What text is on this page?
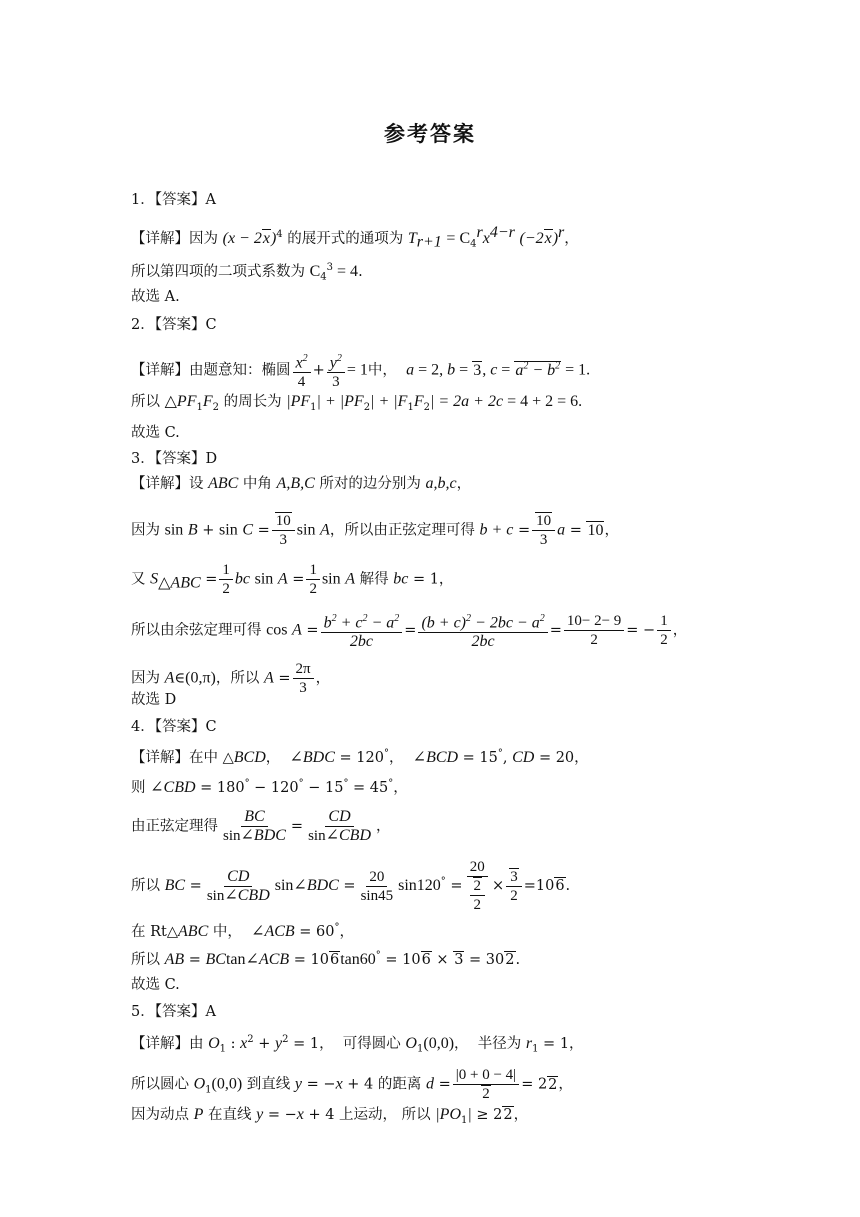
参考答案
1．【答案】A
【详解】因为 $(x - 2x)^4$ 的展开式的通项为 $T_{r+1} = C_4^rx^{4-r}$ $(-2x)^r$，
所以第四项的二项式系数为 $C_4^3 = 4$.
故选 A.
2．【答案】C
【详解】由题意知：椭圆 $\frac{x^2}{4} + \frac{y^2}{3} = 1$中，  a = 2, b = 3, $c = a^2 - b^2 = 1$.
所以 $\triangle PF_1F_2$ 的周长为 $|PF_1| + |PF_2| + |F_1F_2| = 2a + 2c = 4 + 2 = 6$.
故选 C.
3．【答案】D
【详解】设 ABC 中角 A,B,C 所对的边分别为 a,b,c，
因为 $\sin B + \sin C = \frac{10}{3}$ sin A，所以由正弦定理可得 $b + c = \frac{10}{3}$ a = 10，
又 $S_{\triangle ABC} = \frac{1}{2}$ bc $\sin A = \frac{1}{2}$ sin A 解得 bc = 1，
所以由余弦定理可得 $\cos A = \frac{b^2 + c^2 - a^2}{2bc} = \frac{(b + c)^2 - 2bc - a^2}{2bc} = \frac{10- 2- 9}{2}$ = − $\frac{1}{2}$ ，
因为 A∈(0,π)，所以 $A = \frac{2\pi}{3}$ ，
故选 D
4．【答案】C
【详解】在中 △BCD，  ∠BDC = 120°，  ∠BCD = 15°, CD = 20，
则 ∠CBD = 180° − 120° − 15° = 45°，
由正弦定理得 $\frac{BC}{\text{sin∠BDC}} = \frac{CD}{\text{sin∠CBD}}$ ，
所以 BC = $\frac{CD}{\text{sin∠CBD}}$ sin∠BDC = $\frac{20}{\sin 45} \sin 120^\circ = \frac{20}{\frac{2}{2}} \times \frac{3}{2} =106$.
在 Rt△ABC 中，  ∠ACB = 60°，
所以 AB = BCtan∠ACB = 106tan60° = 106 × 3 = 302.
故选 C.
5．【答案】A
【详解】由 $O_1$ : $x^2 + y^2 = 1$，  可得圆心 $O_1(0,0)$，  半径为 $r_1 = 1$，
所以圆心 $O_1(0,0)$ 到直线 y = −x + 4 的距离 $d = \frac{|0 + 0 - 4|}{2} = 22$，
因为动点 P 在直线 y = −x + 4 上运动， 所以 $|PO_1| \ge 22$，
